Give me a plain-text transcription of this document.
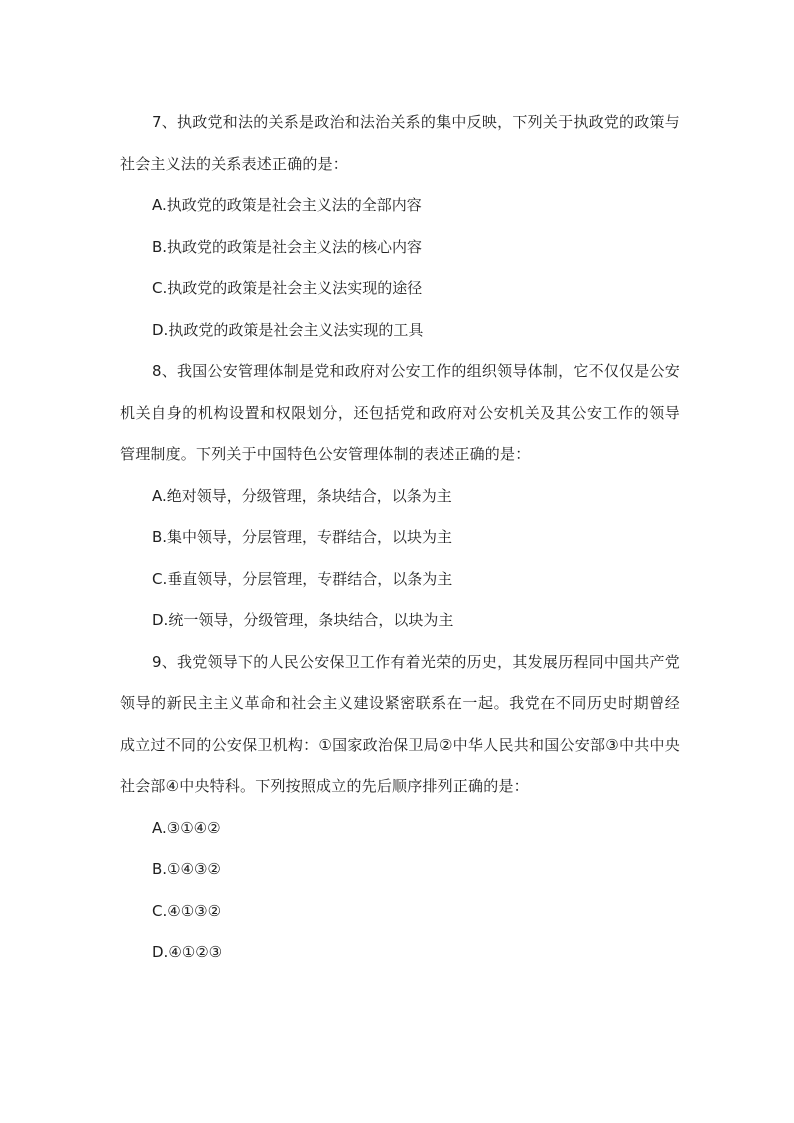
7、执政党和法的关系是政治和法治关系的集中反映，下列关于执政党的政策与社会主义法的关系表述正确的是：

A.执政党的政策是社会主义法的全部内容

B.执政党的政策是社会主义法的核心内容

C.执政党的政策是社会主义法实现的途径

D.执政党的政策是社会主义法实现的工具

8、我国公安管理体制是党和政府对公安工作的组织领导体制，它不仅仅是公安机关自身的机构设置和权限划分，还包括党和政府对公安机关及其公安工作的领导管理制度。下列关于中国特色公安管理体制的表述正确的是：

A.绝对领导，分级管理，条块结合，以条为主

B.集中领导，分层管理，专群结合，以块为主

C.垂直领导，分层管理，专群结合，以条为主

D.统一领导，分级管理，条块结合，以块为主

9、我党领导下的人民公安保卫工作有着光荣的历史，其发展历程同中国共产党领导的新民主主义革命和社会主义建设紧密联系在一起。我党在不同历史时期曾经成立过不同的公安保卫机构：①国家政治保卫局②中华人民共和国公安部③中共中央社会部④中央特科。下列按照成立的先后顺序排列正确的是：

A.③①④②

B.①④③②

C.④①③②

D.④①②③
